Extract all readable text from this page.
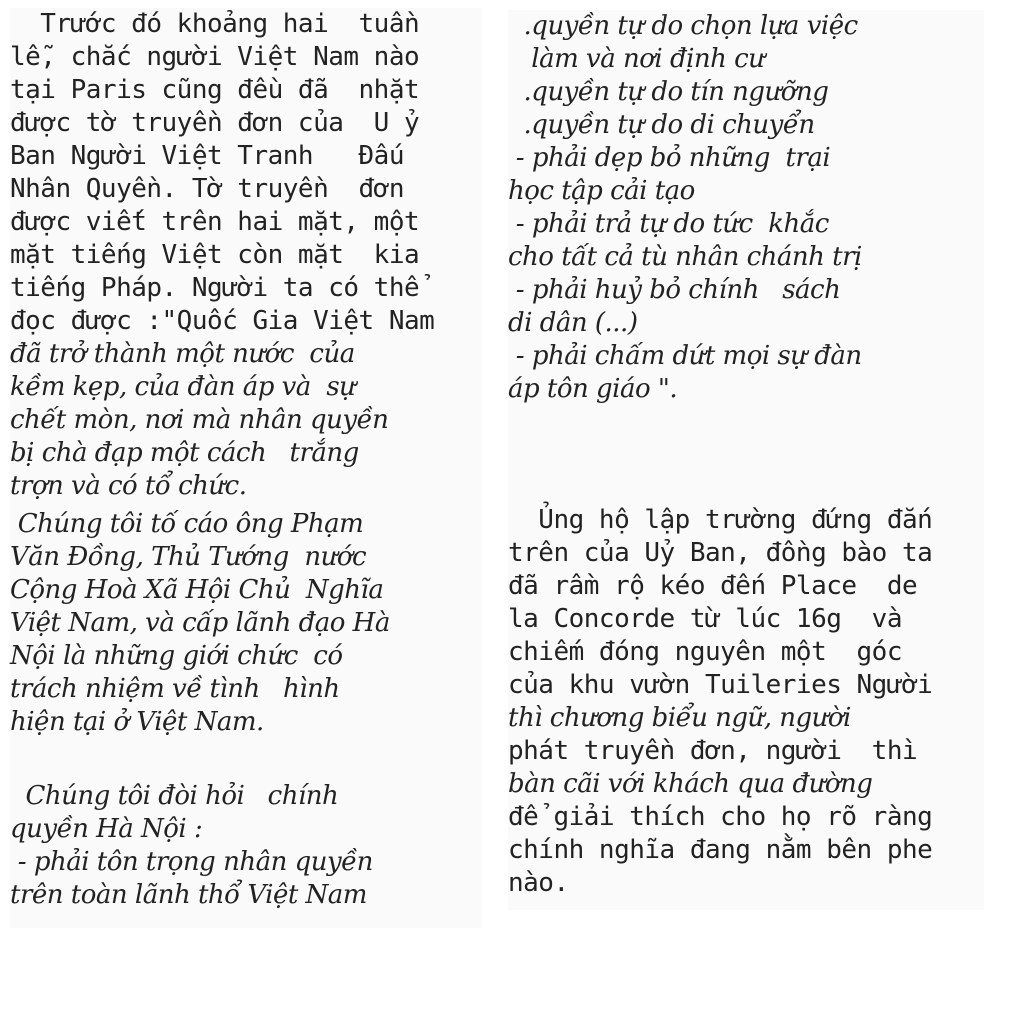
Trước đó khoảng hai  tuần
lễ, chắc người Việt Nam nào
tại Paris cũng đều đã  nhặt
được tờ truyền đơn của  U ỷ
Ban Người Việt Tranh   Đấu
Nhân Quyền. Tờ truyền  đơn
được viết trên hai mặt, một
mặt tiếng Việt còn mặt  kia
tiếng Pháp. Người ta có thể
đọc được :"Quốc Gia Việt Nam
đã trở thành một nước  của
kềm kẹp, của đàn áp và  sự
chết mòn, nơi mà nhân quyền
bị chà đạp một cách   trắng
trợn và có tổ chức.
Chúng tôi tố cáo ông Phạm
Văn Đồng, Thủ Tướng  nước
Cộng Hoà Xã Hội Chủ  Nghĩa
Việt Nam, và cấp lãnh đạo Hà
Nội là những giới chức  có
trách nhiệm về tình   hình
hiện tại ở Việt Nam.
Chúng tôi đòi hỏi   chính
quyền Hà Nội :
- phải tôn trọng nhân quyền
trên toàn lãnh thổ Việt Nam
.quyền tự do chọn lựa việc
làm và nơi định cư
.quyền tự do tín ngưỡng
.quyền tự do di chuyển
- phải dẹp bỏ những  trại
học tập cải tạo
- phải trả tự do tức  khắc
cho tất cả tù nhân chánh trị
- phải huỷ bỏ chính   sách
di dân (...)
- phải chấm dứt mọi sự đàn
áp tôn giáo ".
Ủng hộ lập trường đứng đắn
trên của Uỷ Ban, đồng bào ta
đã rầm rộ kéo đến Place  de
la Concorde từ lúc 16g  và
chiếm đóng nguyên một  góc
của khu vườn Tuileries Người
thì chương biểu ngữ, người
phát truyền đơn, người  thì
bàn cãi với khách qua đường
để giải thích cho họ rõ ràng
chính nghĩa đang nằm bên phe
nào.
